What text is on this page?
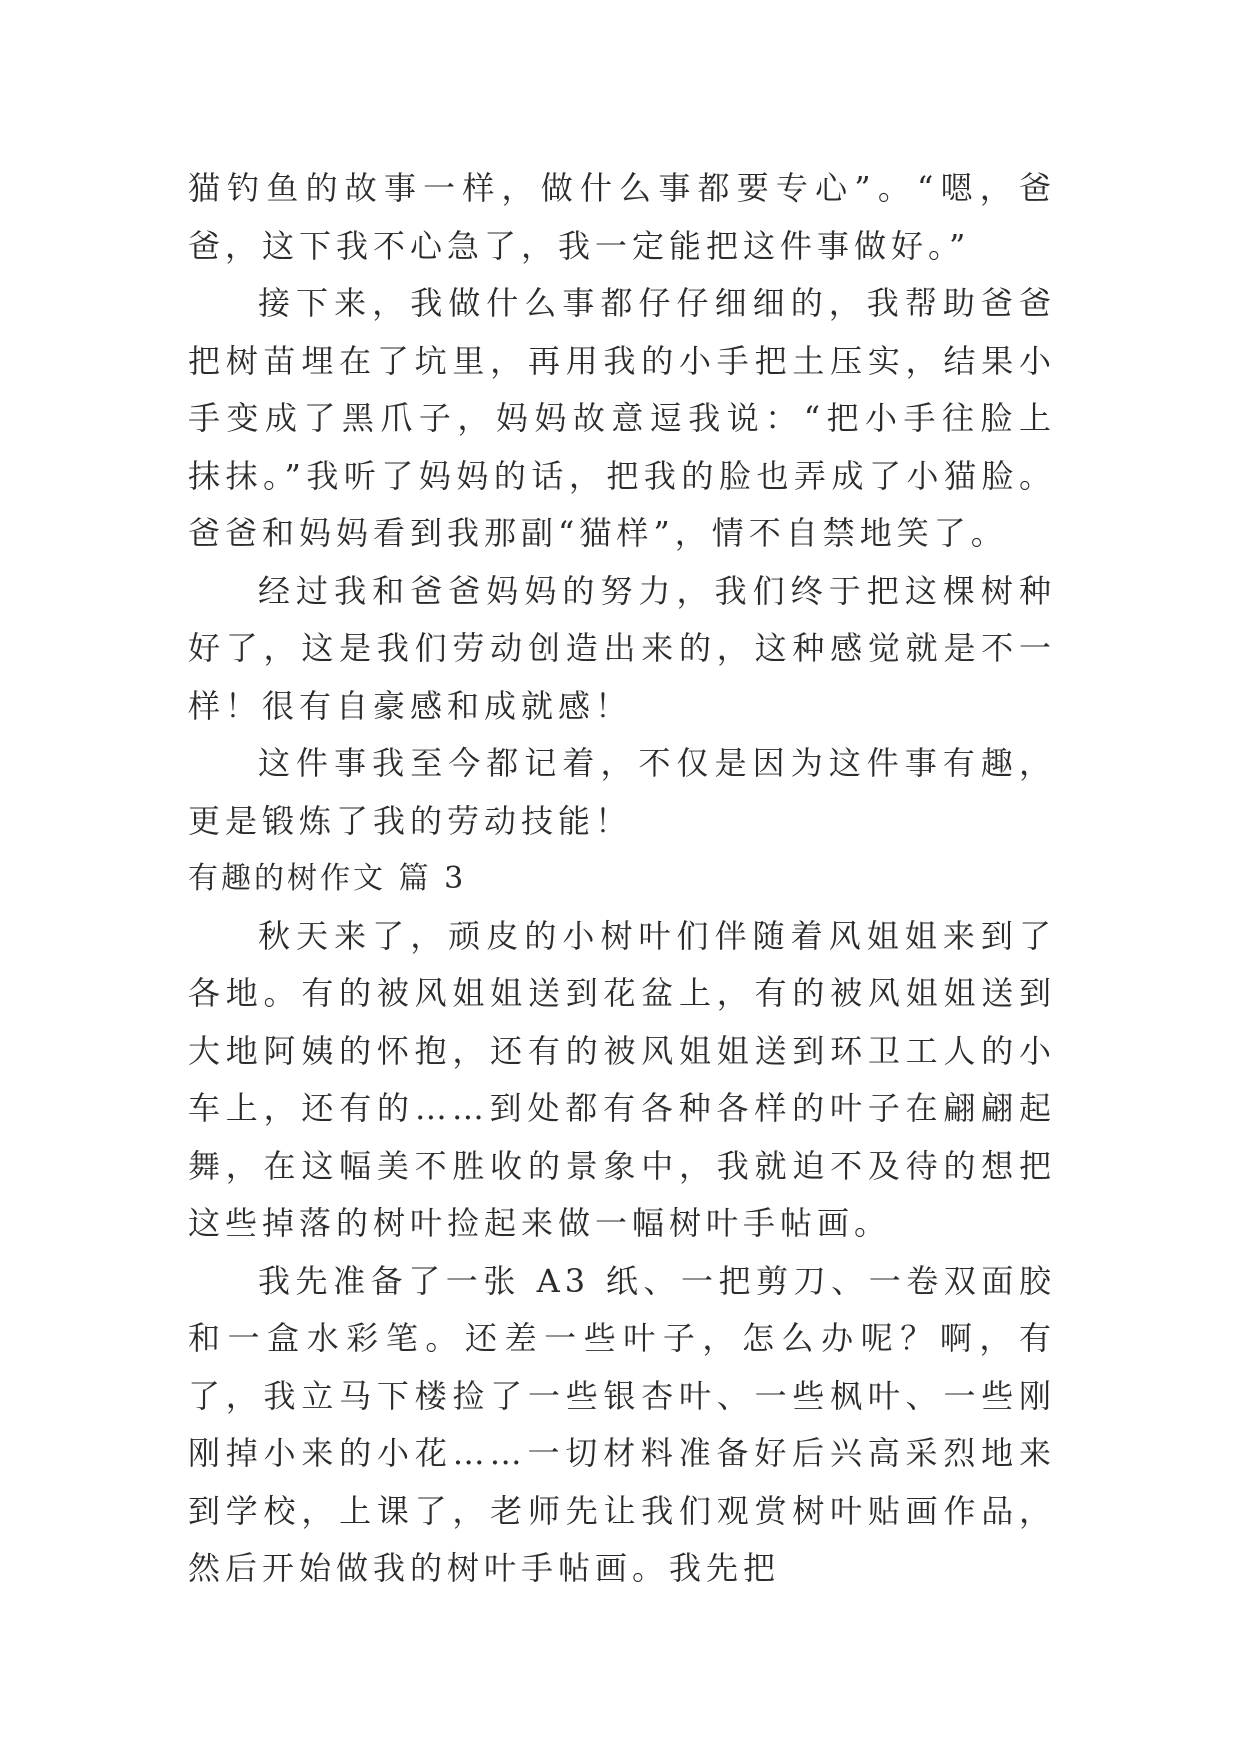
猫钓鱼的故事一样，做什么事都要专心”。“嗯，爸爸，这下我不心急了，我一定能把这件事做好。”

接下来，我做什么事都仔仔细细的，我帮助爸爸把树苗埋在了坑里，再用我的小手把土压实，结果小手变成了黑爪子，妈妈故意逗我说：“把小手往脸上抹抹。”我听了妈妈的话，把我的脸也弄成了小猫脸。爸爸和妈妈看到我那副“猫样”，情不自禁地笑了。

经过我和爸爸妈妈的努力，我们终于把这棵树种好了，这是我们劳动创造出来的，这种感觉就是不一样！很有自豪感和成就感！

这件事我至今都记着，不仅是因为这件事有趣，更是锻炼了我的劳动技能！

有趣的树作文 篇 3

秋天来了，顽皮的小树叶们伴随着风姐姐来到了各地。有的被风姐姐送到花盆上，有的被风姐姐送到大地阿姨的怀抱，还有的被风姐姐送到环卫工人的小车上，还有的……到处都有各种各样的叶子在翩翩起舞，在这幅美不胜收的景象中，我就迫不及待的想把这些掉落的树叶捡起来做一幅树叶手帖画。

我先准备了一张 A3 纸、一把剪刀、一卷双面胶和一盒水彩笔。还差一些叶子，怎么办呢？啊，有了，我立马下楼捡了一些银杏叶、一些枫叶、一些刚刚掉小来的小花……一切材料准备好后兴高采烈地来到学校，上课了，老师先让我们观赏树叶贴画作品，然后开始做我的树叶手帖画。我先把
